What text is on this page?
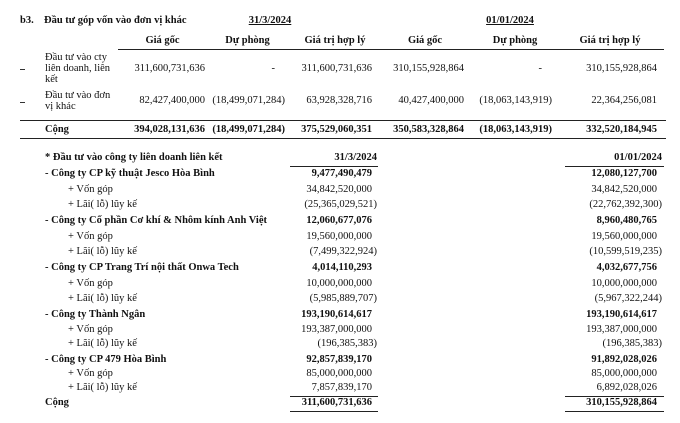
b3. Đầu tư góp vốn vào đơn vị khác	31/3/2024	01/01/2024
Giá gốc	Dự phòng	Giá trị hợp lý	Giá gốc	Dự phòng	Giá trị hợp lý
Đầu tư vào cty
liên doanh, liên
kết
311,600,731,636	-	311,600,731,636	310,155,928,864	-	310,155,928,864
Đầu tư vào đơn
vị khác
82,427,400,000 (18,499,071,284)	63,928,328,716	40,427,400,000	(18,063,143,919)	22,364,256,081
Cộng	394,028,131,636 (18,499,071,284)	375,529,060,351	350,583,328,864	(18,063,143,919)	332,520,184,945
* Đầu tư vào công ty liên doanh liên kết	31/3/2024	01/01/2024
- Công ty CP kỹ thuật Jesco Hòa Bình	9,477,490,479	12,080,127,700
+ Vốn góp	34,842,520,000	34,842,520,000
+ Lãi( lỗ) lũy kế	(25,365,029,521)	(22,762,392,300)
- Công ty Cổ phần Cơ khí & Nhôm kính Anh Việt	12,060,677,076	8,960,480,765
+ Vốn góp	19,560,000,000	19,560,000,000
+ Lãi( lỗ) lũy kế	(7,499,322,924)	(10,599,519,235)
- Công ty CP Trang Trí nội thất Onwa Tech	4,014,110,293	4,032,677,756
+ Vốn góp	10,000,000,000	10,000,000,000
+ Lãi( lỗ) lũy kế	(5,985,889,707)	(5,967,322,244)
- Công ty Thành Ngân	193,190,614,617	193,190,614,617
+ Vốn góp	193,387,000,000	193,387,000,000
+ Lãi( lỗ) lũy kế	(196,385,383)	(196,385,383)
- Công ty CP 479 Hòa Bình	92,857,839,170	91,892,028,026
+ Vốn góp	85,000,000,000	85,000,000,000
+ Lãi( lỗ) lũy kế	7,857,839,170	6,892,028,026
Cộng	311,600,731,636	310,155,928,864
